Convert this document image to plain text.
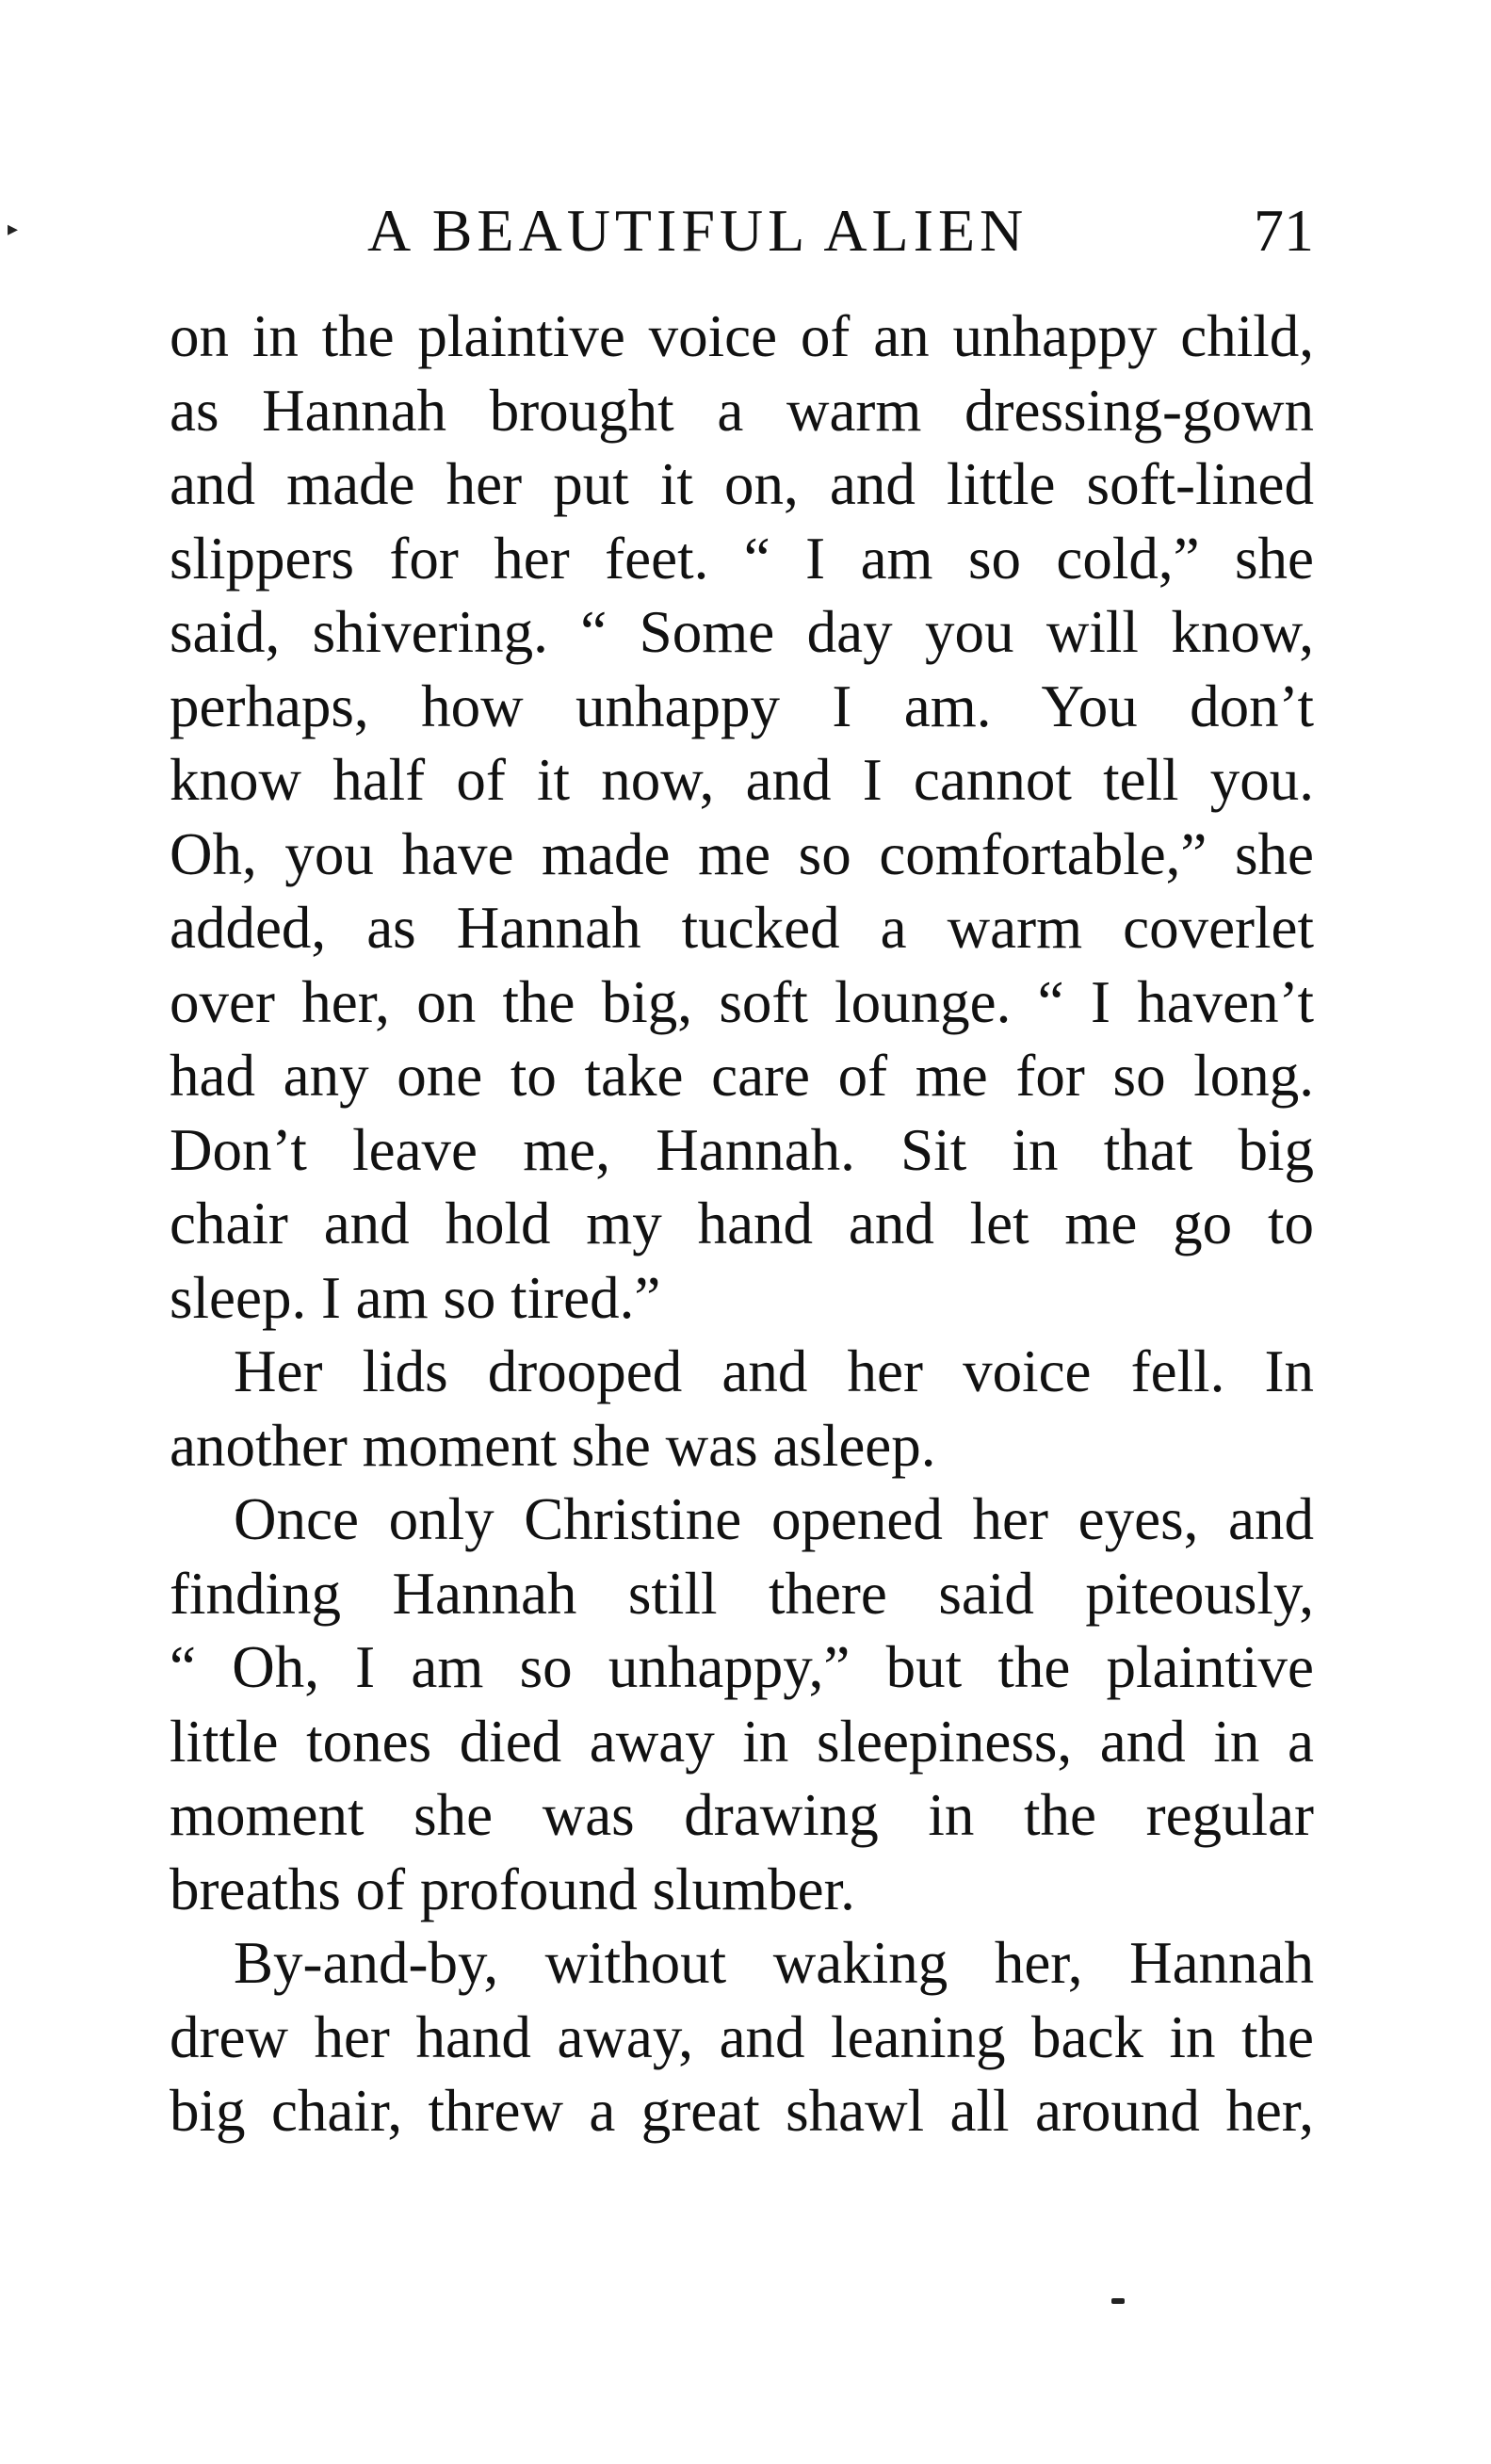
▸	A BEAUTIFUL ALIEN	71
on in the plaintive voice of an unhappy child,
as Hannah brought a warm dressing-gown
and made her put it on, and little soft-lined
slippers for her feet. “ I am so cold,” she
said, shivering. “ Some day you will know,
perhaps, how unhappy I am. You don’t
know half of it now, and I cannot tell you.
Oh, you have made me so comfortable,” she
added, as Hannah tucked a warm coverlet
over her, on the big, soft lounge. “ I haven’t
had any one to take care of me for so long.
Don’t leave me, Hannah. Sit in that big
chair and hold my hand and let me go to
sleep. I am so tired.”
Her lids drooped and her voice fell. In
another moment she was asleep.
Once only Christine opened her eyes, and
finding Hannah still there said piteously,
“ Oh, I am so unhappy,” but the plaintive
little tones died away in sleepiness, and in a
moment she was drawing in the regular
breaths of profound slumber.
By-and-by, without waking her, Hannah
drew her hand away, and leaning back in the
big chair, threw a great shawl all around her,
